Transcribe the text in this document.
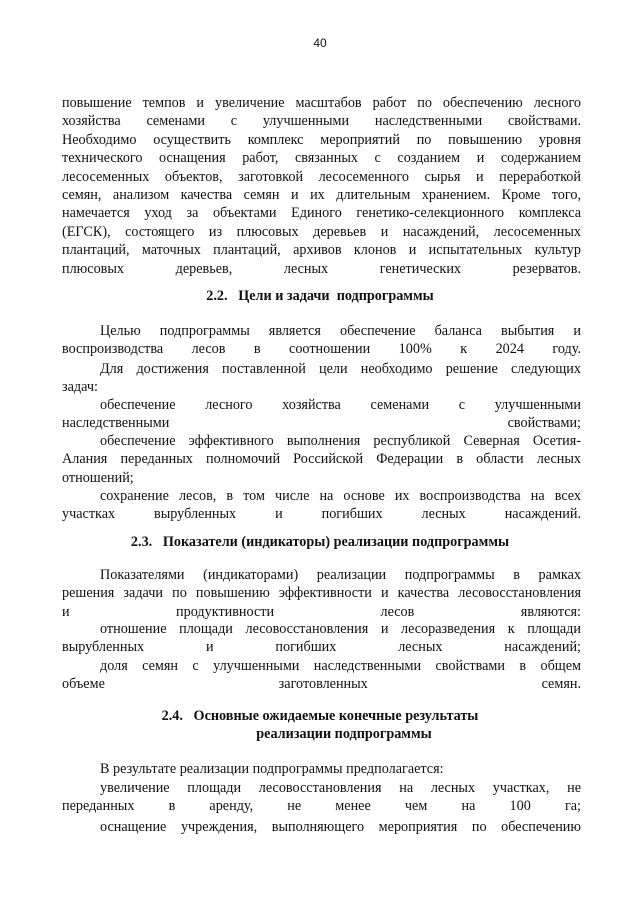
40
повышение темпов и увеличение масштабов работ по обеспечению лесного
хозяйства семенами с улучшенными наследственными свойствами.
Необходимо осуществить комплекс мероприятий по повышению уровня
технического оснащения работ, связанных с созданием и содержанием
лесосеменных объектов, заготовкой лесосеменного сырья и переработкой
семян, анализом качества семян и их длительным хранением. Кроме того,
намечается уход за объектами Единого генетико-селекционного комплекса
(ЕГСК), состоящего из плюсовых деревьев и насаждений, лесосеменных
плантаций, маточных плантаций, архивов клонов и испытательных культур
плюсовых деревьев, лесных генетических резерватов.
2.2.   Цели и задачи  подпрограммы
Целью подпрограммы является обеспечение баланса выбытия и
воспроизводства лесов в соотношении 100% к 2024 году.
Для достижения поставленной цели необходимо решение следующих
задач:
обеспечение лесного хозяйства семенами с улучшенными
наследственными свойствами;
обеспечение эффективного выполнения республикой Северная Осетия-
Алания переданных полномочий Российской Федерации в области лесных
отношений;
сохранение лесов, в том числе на основе их воспроизводства на всех
участках вырубленных и погибших лесных насаждений.
2.3.   Показатели (индикаторы) реализации подпрограммы
Показателями (индикаторами) реализации подпрограммы в рамках
решения задачи по повышению эффективности и качества лесовосстановления
и продуктивности лесов являются:
отношение площади лесовосстановления и лесоразведения к площади
вырубленных и погибших лесных насаждений;
доля семян с улучшенными наследственными свойствами в общем
объеме заготовленных семян.
2.4.   Основные ожидаемые конечные результаты
реализации подпрограммы
В результате реализации подпрограммы предполагается:
увеличение площади лесовосстановления на лесных участках, не
переданных в аренду, не менее чем на 100 га;
оснащение учреждения, выполняющего мероприятия по обеспечению
